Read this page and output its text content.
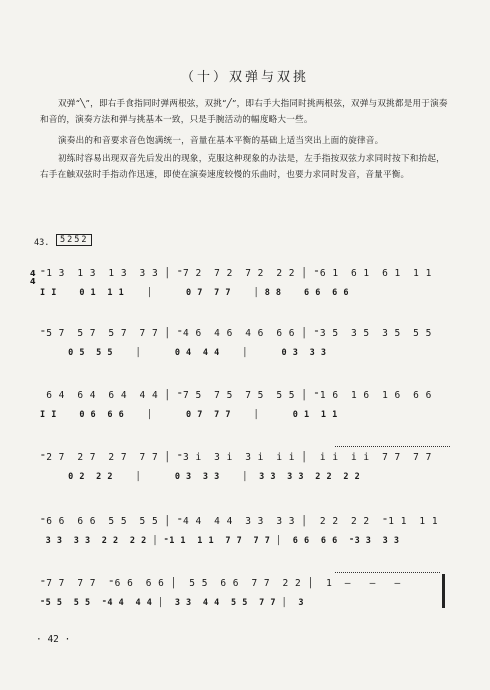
（十）双弹与双挑
双弹“╲”，即右手食指同时弹两根弦，双挑“╱”，即右手大指同时挑两根弦，双弹与双挑都是用于演奏和音的，演奏方法和弹与挑基本一致，只是手腕活动的幅度略大一些。
演奏出的和音要求音色饱满统一，音量在基本平衡的基础上适当突出上面的旋律音。
初练时容易出现双音先后发出的现象，克服这种现象的办法是，左手指按双弦力求同时按下和抬起，右手在触双弦时手指动作迅速，即使在演奏速度较慢的乐曲时，也要力求同时发音，音量平衡。
43.	5252
4
4
⁼1 3  1 3  1 3  3 3 │ ⁼7 2  7 2  7 2  2 2 │ ⁼6 1  6 1  6 1  1 1
I I    0 1  1 1    │      0 7  7 7    │ 8 8    6 6  6 6
⁼5 7  5 7  5 7  7 7 │ ⁼4 6  4 6  4 6  6 6 │ ⁼3 5  3 5  3 5  5 5
0 5  5 5    │      0 4  4 4    │      0 3  3 3
6 4  6 4  6 4  4 4 │ ⁼7 5  7 5  7 5  5 5 │ ⁼1 6  1 6  1 6  6 6
I I    0 6  6 6    │      0 7  7 7    │      0 1  1 1
⁼2 7  2 7  2 7  7 7 │ ⁼3 i  3 i  3 i  i i │  i i  i i  7 7  7 7
0 2  2 2    │      0 3  3 3    │  3 3  3 3  2 2  2 2
⁼6 6  6 6  5 5  5 5 │ ⁼4 4  4 4  3 3  3 3 │  2 2  2 2  ⁼1 1  1 1
3 3  3 3  2 2  2 2 │ ⁼1 1  1 1  7 7  7 7 │  6 6  6 6  ⁼3 3  3 3
⁼7 7  7 7  ⁼6 6  6 6 │  5 5  6 6  7 7  2 2 │  1  –   –   –
⁼5 5  5 5  ⁼4 4  4 4 │  3 3  4 4  5 5  7 7 │  3
· 42 ·
